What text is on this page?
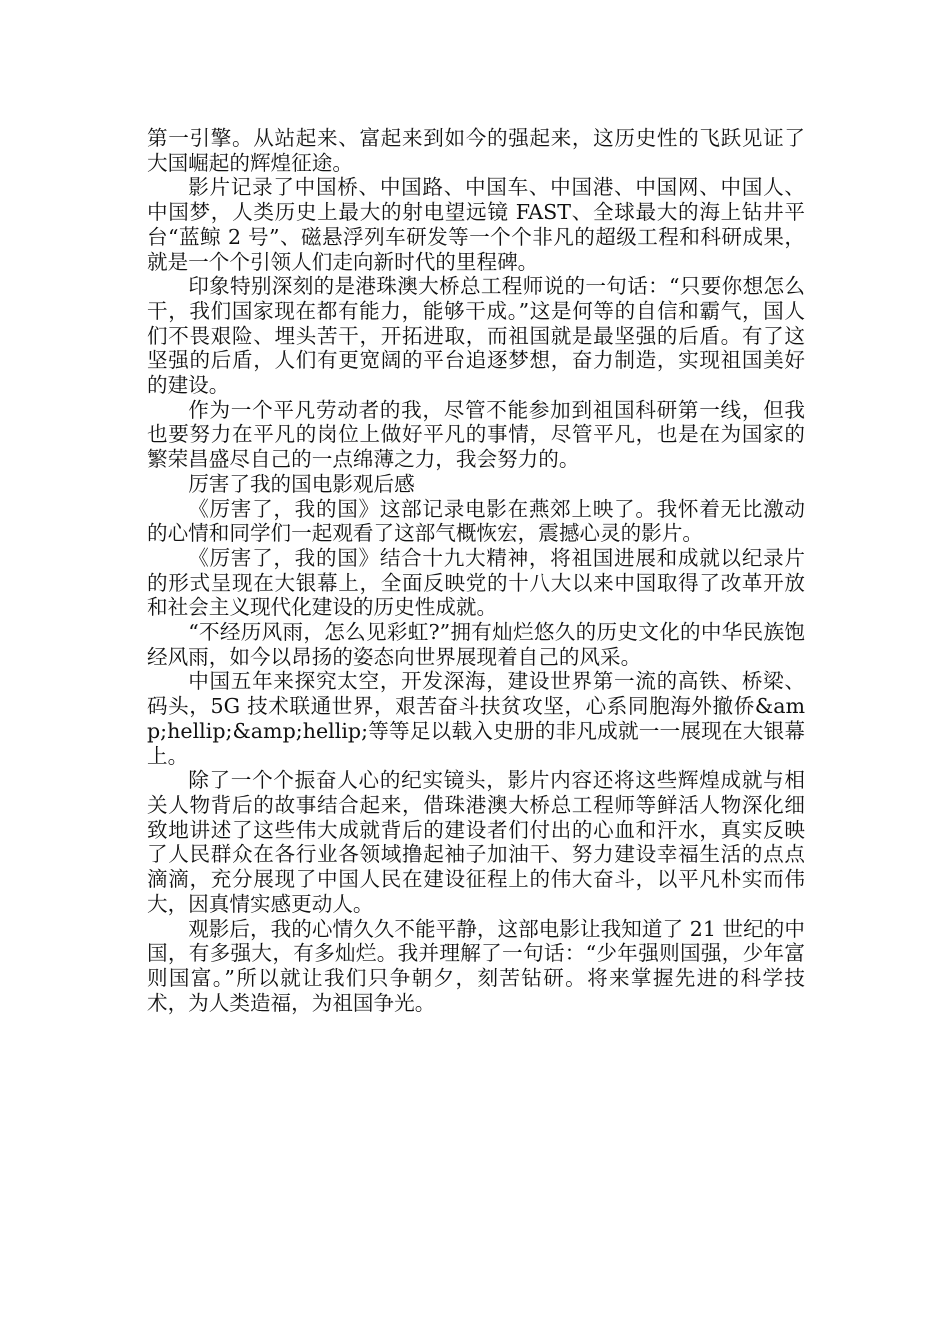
第一引擎。从站起来、富起来到如今的强起来，这历史性的飞跃见证了大国崛起的辉煌征途。

影片记录了中国桥、中国路、中国车、中国港、中国网、中国人、中国梦，人类历史上最大的射电望远镜 FAST、全球最大的海上钻井平台“蓝鲸 2 号”、磁悬浮列车研发等一个个非凡的超级工程和科研成果，就是一个个引领人们走向新时代的里程碑。

印象特别深刻的是港珠澳大桥总工程师说的一句话：“只要你想怎么干，我们国家现在都有能力，能够干成。”这是何等的自信和霸气，国人们不畏艰险、埋头苦干，开拓进取，而祖国就是最坚强的后盾。有了这坚强的后盾，人们有更宽阔的平台追逐梦想，奋力制造，实现祖国美好的建设。

作为一个平凡劳动者的我，尽管不能参加到祖国科研第一线，但我也要努力在平凡的岗位上做好平凡的事情，尽管平凡，也是在为国家的繁荣昌盛尽自己的一点绵薄之力，我会努力的。

厉害了我的国电影观后感

《厉害了，我的国》这部记录电影在燕郊上映了。我怀着无比激动的心情和同学们一起观看了这部气概恢宏，震撼心灵的影片。

《厉害了，我的国》结合十九大精神，将祖国进展和成就以纪录片的形式呈现在大银幕上，全面反映党的十八大以来中国取得了改革开放和社会主义现代化建设的历史性成就。

“不经历风雨，怎么见彩虹?”拥有灿烂悠久的历史文化的中华民族饱经风雨，如今以昂扬的姿态向世界展现着自己的风采。

中国五年来探究太空，开发深海，建设世界第一流的高铁、桥梁、码头，5G 技术联通世界，艰苦奋斗扶贫攻坚，心系同胞海外撤侨&amp;hellip;&amp;hellip;等等足以载入史册的非凡成就一一展现在大银幕上。

除了一个个振奋人心的纪实镜头，影片内容还将这些辉煌成就与相关人物背后的故事结合起来，借珠港澳大桥总工程师等鲜活人物深化细致地讲述了这些伟大成就背后的建设者们付出的心血和汗水，真实反映了人民群众在各行业各领域撸起袖子加油干、努力建设幸福生活的点点滴滴，充分展现了中国人民在建设征程上的伟大奋斗，以平凡朴实而伟大，因真情实感更动人。

观影后，我的心情久久不能平静，这部电影让我知道了 21 世纪的中国，有多强大，有多灿烂。我并理解了一句话：“少年强则国强，少年富则国富。”所以就让我们只争朝夕，刻苦钻研。将来掌握先进的科学技术，为人类造福，为祖国争光。
